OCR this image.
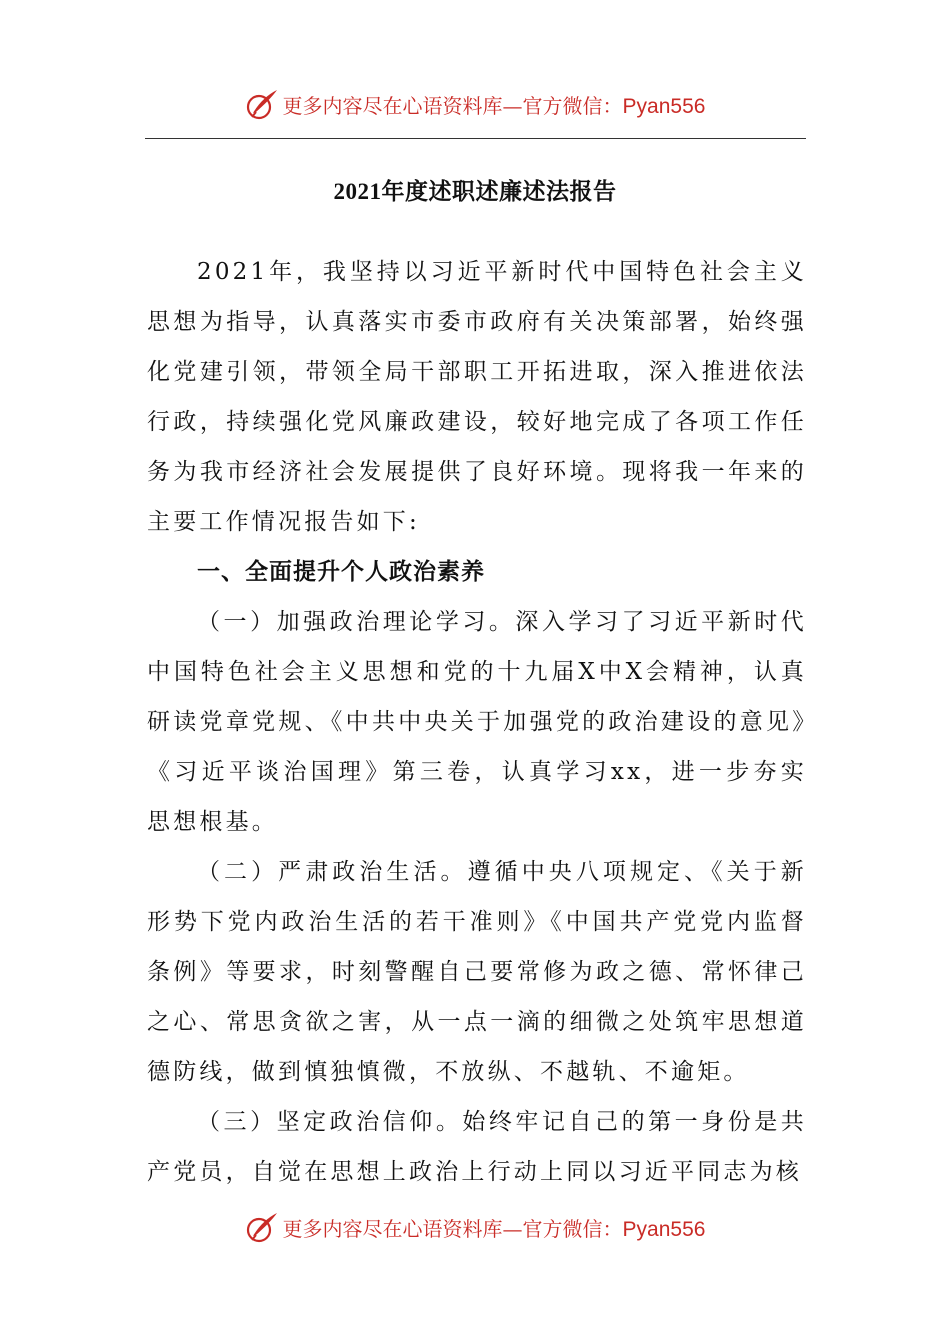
更多内容尽在心语资料库—官方微信：Pyan556
2021年度述职述廉述法报告

2021年，我坚持以习近平新时代中国特色社会主义思想为指导，认真落实市委市政府有关决策部署，始终强化党建引领，带领全局干部职工开拓进取，深入推进依法行政，持续强化党风廉政建设，较好地完成了各项工作任务为我市经济社会发展提供了良好环境。现将我一年来的主要工作情况报告如下:

一、全面提升个人政治素养

（一）加强政治理论学习。深入学习了习近平新时代中国特色社会主义思想和党的十九届X中X会精神，认真研读党章党规、《中共中央关于加强党的政治建设的意见》《习近平谈治国理》第三卷，认真学习xx，进一步夯实思想根基。

（二）严肃政治生活。遵循中央八项规定、《关于新形势下党内政治生活的若干准则》《中国共产党党内监督条例》等要求，时刻警醒自己要常修为政之德、常怀律己之心、常思贪欲之害，从一点一滴的细微之处筑牢思想道德防线，做到慎独慎微，不放纵、不越轨、不逾矩。

（三）坚定政治信仰。始终牢记自己的第一身份是共产党员，自觉在思想上政治上行动上同以习近平同志为核

更多内容尽在心语资料库—官方微信：Pyan556
